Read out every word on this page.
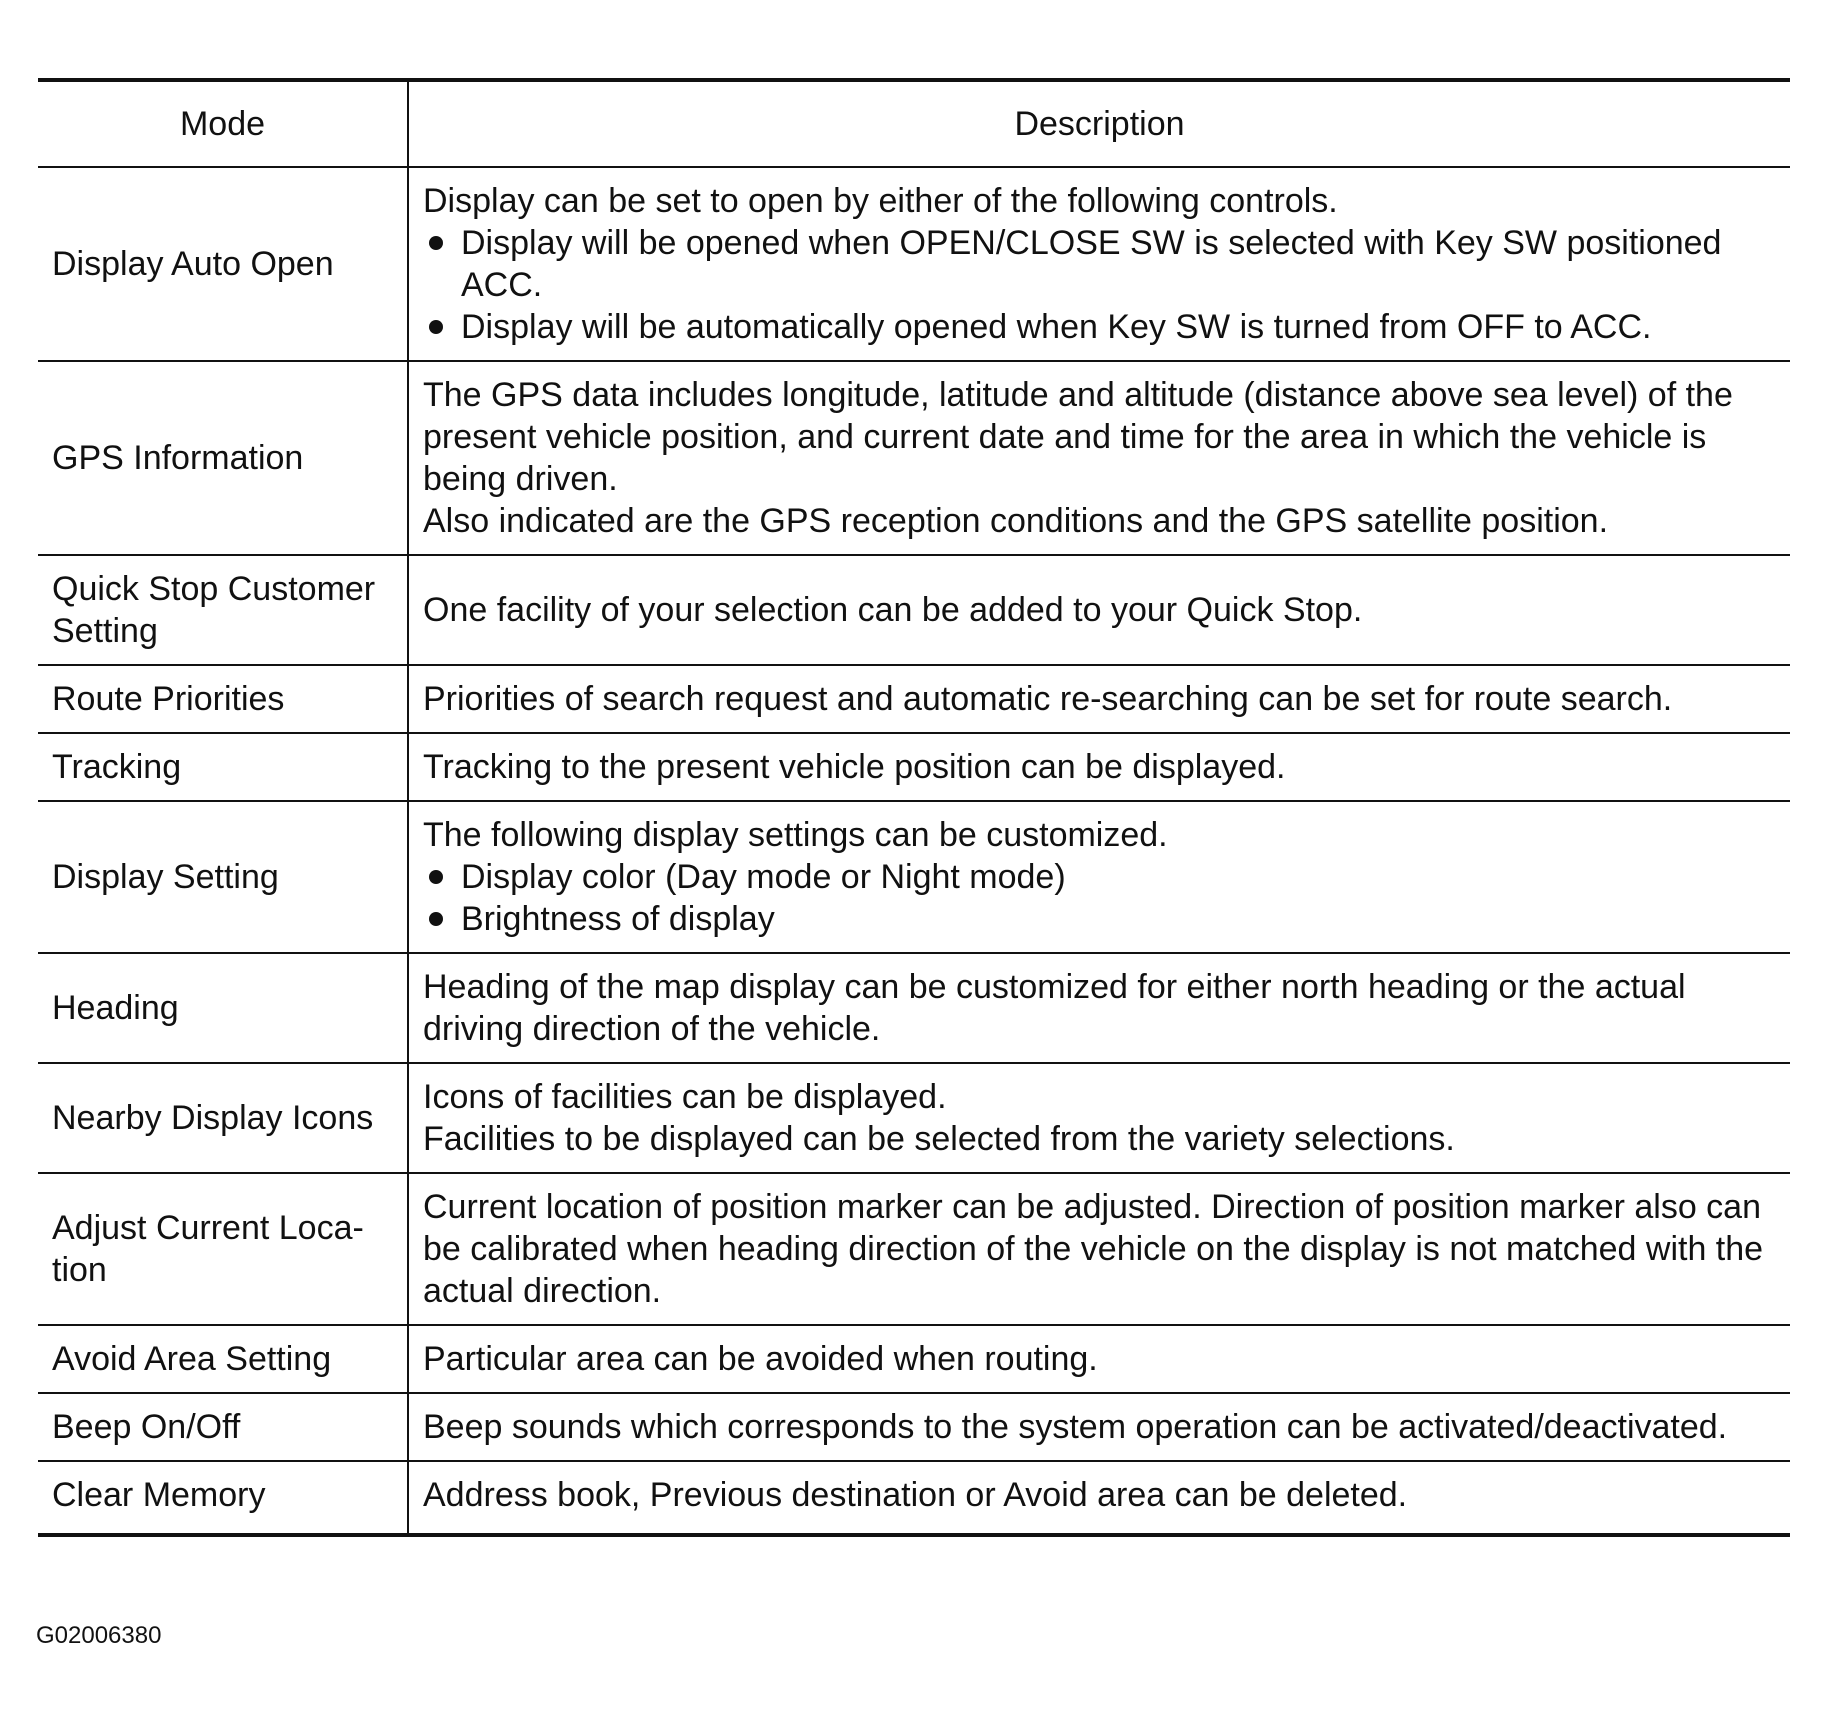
Mode	Description
Display Auto Open	Display can be set to open by either of the following controls.
Display will be opened when OPEN/CLOSE SW is selected with Key SW positioned ACC.
Display will be automatically opened when Key SW is turned from OFF to ACC.

GPS Information	The GPS data includes longitude, latitude and altitude (distance above sea level) of the present vehicle position, and current date and time for the area in which the vehicle is being driven.
Also indicated are the GPS reception conditions and the GPS satellite position.

Quick Stop Customer Setting	One facility of your selection can be added to your Quick Stop.

Route Priorities	Priorities of search request and automatic re-searching can be set for route search.

Tracking	Tracking to the present vehicle position can be displayed.

Display Setting	The following display settings can be customized.
Display color (Day mode or Night mode)
Brightness of display

Heading	Heading of the map display can be customized for either north heading or the actual driving direction of the vehicle.

Nearby Display Icons	Icons of facilities can be displayed.
Facilities to be displayed can be selected from the variety selections.

Adjust Current Loca-tion	Current location of position marker can be adjusted. Direction of position marker also can be calibrated when heading direction of the vehicle on the display is not matched with the actual direction.

Avoid Area Setting	Particular area can be avoided when routing.

Beep On/Off	Beep sounds which corresponds to the system operation can be activated/deactivated.

Clear Memory	Address book, Previous destination or Avoid area can be deleted.
G02006380
